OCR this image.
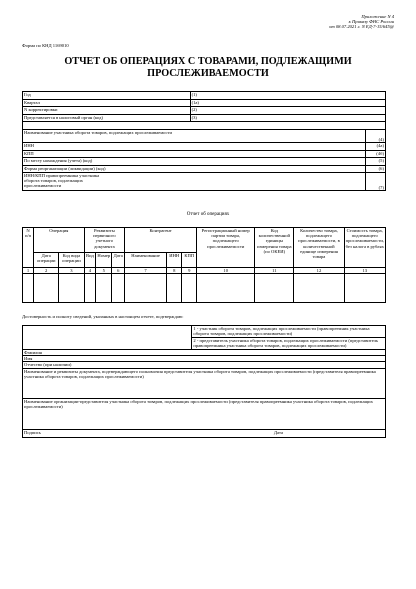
Приложение N 4
к Приказу ФНС России
от 08.07.2021 г. N ЕД-7-15/645@
Форма по КНД 1169010
ОТЧЕТ ОБ ОПЕРАЦИЯХ С ТОВАРАМИ, ПОДЛЕЖАЩИМИ
ПРОСЛЕЖИВАЕМОСТИ
Год	(1)	
Квартал	(1а)	
N корректировки	(2)	
Представляется в налоговый орган (код)	(3)	

Наименование участника оборота товаров, подлежащих прослеживаемости		(4)
ИНН		(4а)
КПП		(4б)
По месту нахождения (учета) (код)		(5)
Форма реорганизации (ликвидации) (код)		(6)

ИНН/КПП правопреемника участника оборота товаров, подлежащих прослеживаемости		(7)
Отчет об операциях
N п/п	Операция		Реквизиты первичного учетного документа			Контрагент			Регистрационный номер партии товара, подлежащего прослеживаемости	Код количественной единицы измерения товара (по ОКЕИ)	Количество товара, подлежащего прослеживаемости, в количественной единице измерения товара	Стоимость товара, подлежащего прослеживаемости, без налога в рублях
	Дата операции	Код вида операции	Вид	Номер	Дата	Наименование	ИНН	КПП				
1	2	3	4	5	6	7	8	9	10	11	12	13

Достоверность и полноту сведений, указанных в настоящем отчете, подтверждаю:
		1 - участник оборота товаров, подлежащих прослеживаемости (правопреемник участника оборота товаров, подлежащих прослеживаемости)
		2 - представитель участника оборота товаров, подлежащих прослеживаемости (представитель правопреемника участника оборота товаров, подлежащих прослеживаемости)
Фамилия		
Имя		
Отчество (при наличии)		
Наименование и реквизиты документа, подтверждающего полномочия представителя участника оборота товаров, подлежащих прослеживаемости (представителя правопреемника участника оборота товаров, подлежащих прослеживаемости)		
Наименование организации-представителя участника оборота товаров, подлежащих прослеживаемости (представителя правопреемника участника оборота товаров, подлежащих прослеживаемости)		
Подпись		Дата
